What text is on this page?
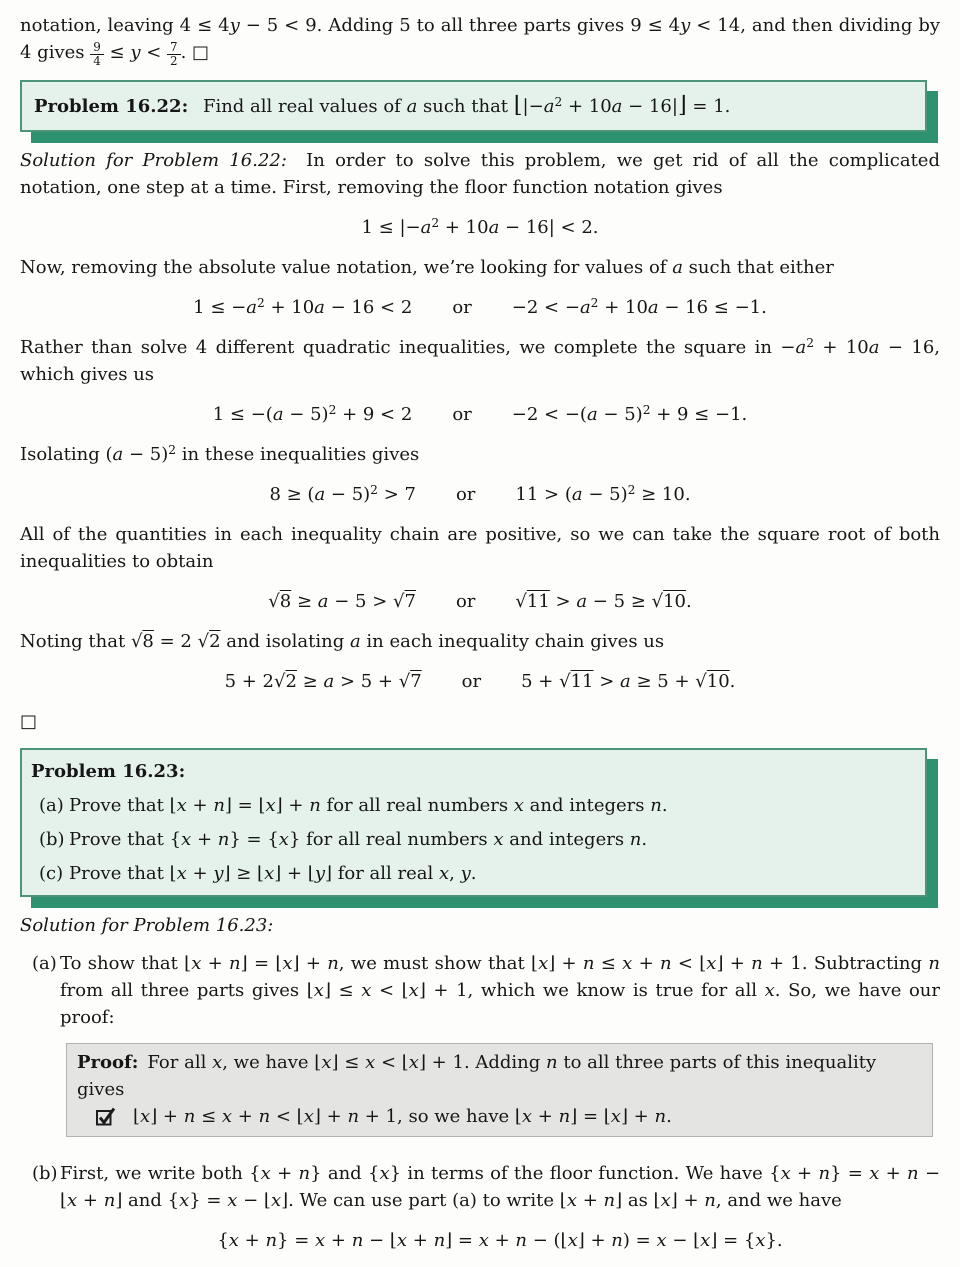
notation, leaving 4 ≤ 4y − 5 < 9. Adding 5 to all three parts gives 9 ≤ 4y < 14, and then dividing by 4 gives $\frac{9}{4} \le y < \frac{7}{2}$ . □

Problem 16.22:  Find all real values of a such that $⌊|-a^2 + 10a$ − 16|⌋ = 1.

Solution for Problem 16.22:  In order to solve this problem, we get rid of all the complicated notation, one step at a time. First, removing the floor function notation gives

$1 \le |-a^2 + 10a - 16| < 2$.

Now, removing the absolute value notation, we’re looking for values of a such that either

$1 \le -a^2 + 10a - 16 < 2$ or $-2 < -a^2 + 10a - 16 \le -1$.

Rather than solve 4 different quadratic inequalities, we complete the square in $-a^2 + 10a - 16$, which gives us

$1 \le -(a - 5)^2 + 9 < 2$ or $-2 < -(a - 5)^2 + 9 \le -1$.

Isolating $(a - 5)^2$ in these inequalities gives

$8 \ge (a - 5)^2 > 7$ or $11 > (a - 5)^2 \ge 10$.

All of the quantities in each inequality chain are positive, so we can take the square root of both inequalities to obtain

√8 ≥ a − 5 > √7 or √11 > a − 5 ≥ √10.

Noting that √8 = 2 √2 and isolating a in each inequality chain gives us

5 + 2√2 ≥ a > 5 + √7 or 5 + √11 > a ≥ 5 + √10.

□

Problem 16.23:
(a) Prove that ⌊x + n⌋ = ⌊x⌋ + n for all real numbers x and integers n.
(b) Prove that {x + n} = {x} for all real numbers x and integers n.
(c) Prove that ⌊x + y⌋ ≥ ⌊x⌋ + ⌊y⌋ for all real x, y.

Solution for Problem 16.23:

(a) To show that ⌊x + n⌋ = ⌊x⌋ + n, we must show that ⌊x⌋ + n ≤ x + n < ⌊x⌋ + n + 1. Subtracting n from all three parts gives ⌊x⌋ ≤ x < ⌊x⌋ + 1, which we know is true for all x. So, we have our proof:
Proof: For all x, we have ⌊x⌋ ≤ x < ⌊x⌋ + 1. Adding n to all three parts of this inequality gives
⌊x⌋ + n ≤ x + n < ⌊x⌋ + n + 1, so we have ⌊x + n⌋ = ⌊x⌋ + n.
(b) First, we write both {x + n} and {x} in terms of the floor function. We have {x + n} = x + n − ⌊x + n⌋ and {x} = x − ⌊x⌋. We can use part (a) to write ⌊x + n⌋ as ⌊x⌋ + n, and we have
{x + n} = x + n − ⌊x + n⌋ = x + n − (⌊x⌋ + n) = x − ⌊x⌋ = {x}.
